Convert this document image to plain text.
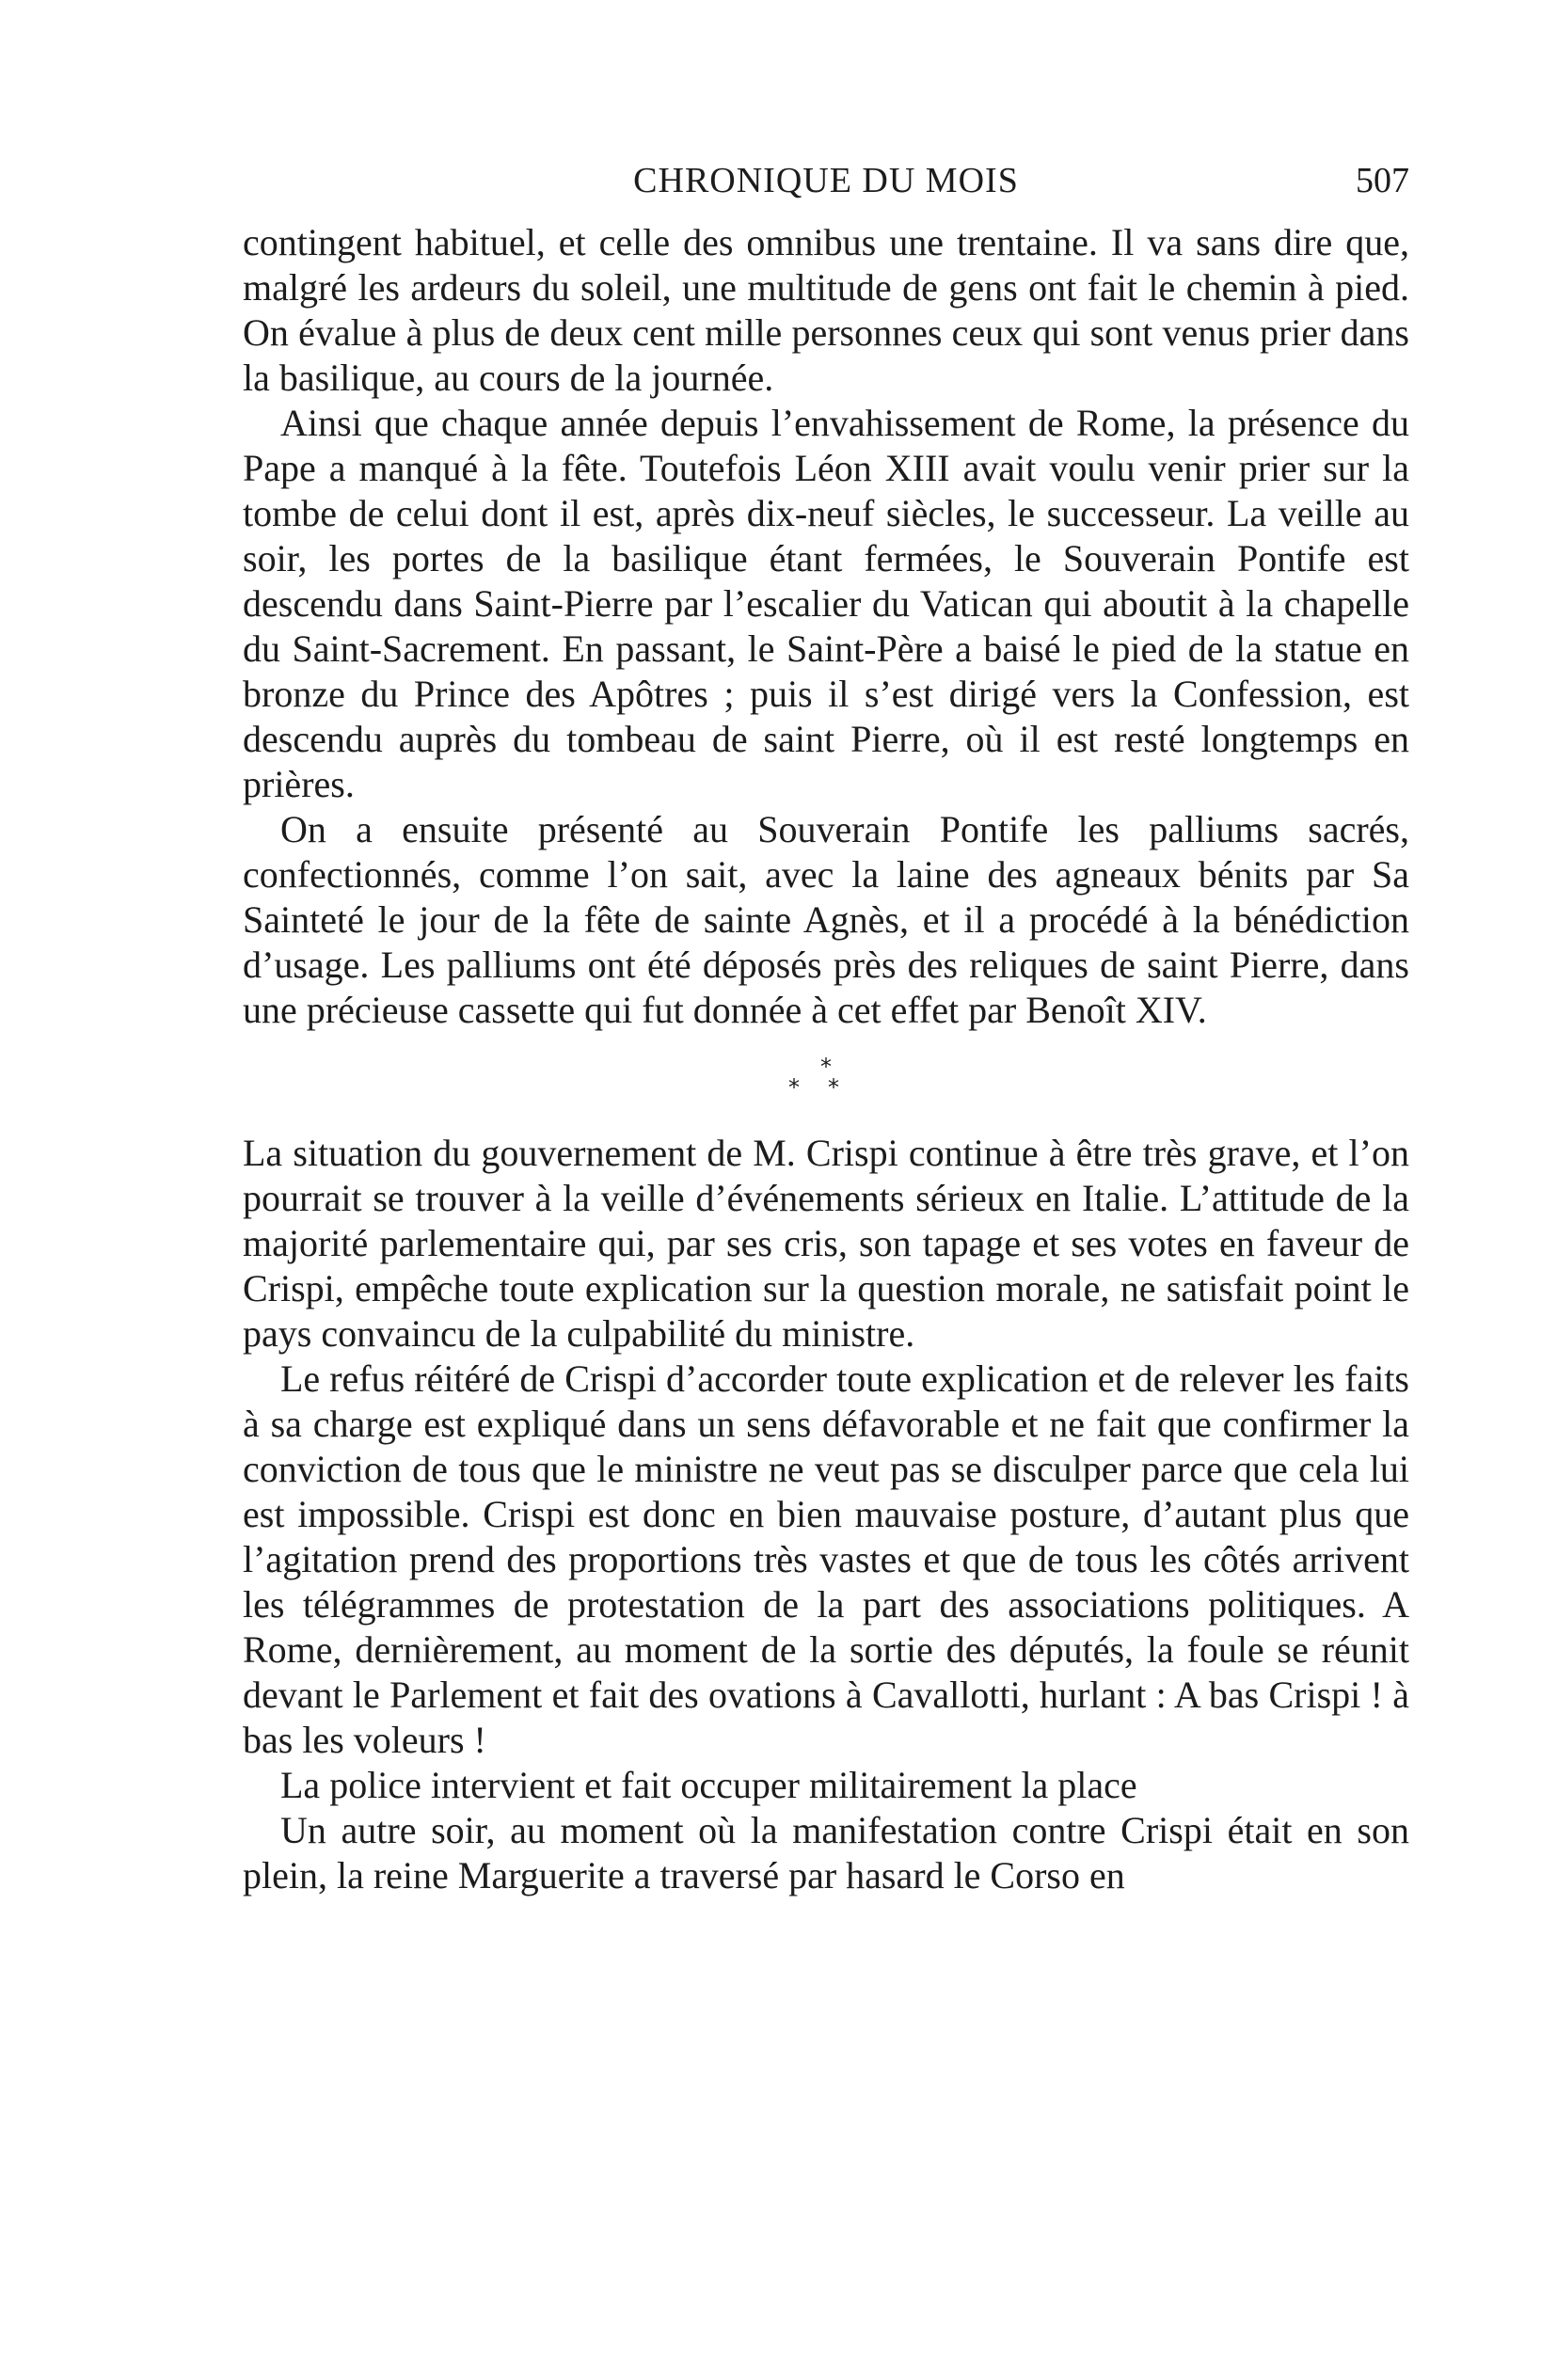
CHRONIQUE DU MOIS	507

contingent habituel, et celle des omnibus une trentaine. Il va sans dire que, malgré les ardeurs du soleil, une multitude de gens ont fait le chemin à pied. On évalue à plus de deux cent mille personnes ceux qui sont venus prier dans la basilique, au cours de la journée.

Ainsi que chaque année depuis l’envahissement de Rome, la présence du Pape a manqué à la fête. Toutefois Léon XIII avait voulu venir prier sur la tombe de celui dont il est, après dix-neuf siècles, le successeur. La veille au soir, les portes de la basilique étant fermées, le Souverain Pontife est descendu dans Saint-Pierre par l’escalier du Vatican qui aboutit à la chapelle du Saint-Sacrement. En passant, le Saint-Père a baisé le pied de la statue en bronze du Prince des Apôtres ; puis il s’est dirigé vers la Confession, est descendu auprès du tombeau de saint Pierre, où il est resté longtemps en prières.

On a ensuite présenté au Souverain Pontife les palliums sacrés, confectionnés, comme l’on sait, avec la laine des agneaux bénits par Sa Sainteté le jour de la fête de sainte Agnès, et il a procédé à la bénédiction d’usage. Les palliums ont été déposés près des reliques de saint Pierre, dans une précieuse cassette qui fut donnée à cet effet par Benoît XIV.

*
* *

La situation du gouvernement de M. Crispi continue à être très grave, et l’on pourrait se trouver à la veille d’événements sérieux en Italie. L’attitude de la majorité parlementaire qui, par ses cris, son tapage et ses votes en faveur de Crispi, empêche toute explication sur la question morale, ne satisfait point le pays convaincu de la culpabilité du ministre.

Le refus réitéré de Crispi d’accorder toute explication et de relever les faits à sa charge est expliqué dans un sens défavorable et ne fait que confirmer la conviction de tous que le ministre ne veut pas se disculper parce que cela lui est impossible. Crispi est donc en bien mauvaise posture, d’autant plus que l’agitation prend des proportions très vastes et que de tous les côtés arrivent les télégrammes de protestation de la part des associations politiques. A Rome, dernièrement, au moment de la sortie des députés, la foule se réunit devant le Parlement et fait des ovations à Cavallotti, hurlant : A bas Crispi ! à bas les voleurs !

La police intervient et fait occuper militairement la place

Un autre soir, au moment où la manifestation contre Crispi était en son plein, la reine Marguerite a traversé par hasard le Corso en
